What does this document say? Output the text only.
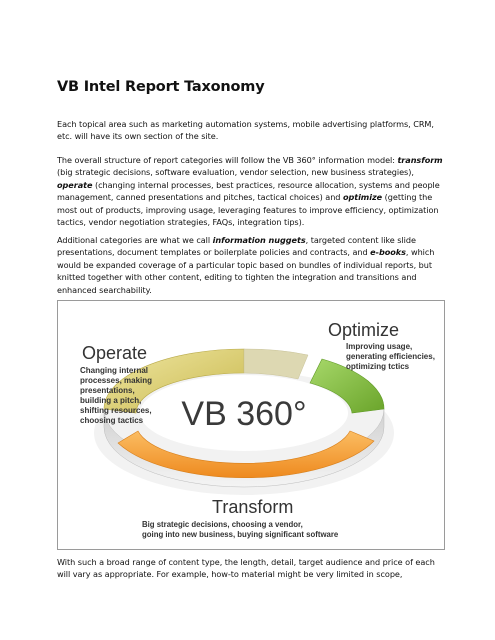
VB Intel Report Taxonomy
Each topical area such as marketing automation systems, mobile advertising platforms, CRM, etc. will have its own section of the site.
The overall structure of report categories will follow the VB 360° information model: transform (big strategic decisions, software evaluation, vendor selection, new business strategies), operate (changing internal processes, best practices, resource allocation, systems and people management, canned presentations and pitches, tactical choices) and optimize (getting the most out of products, improving usage, leveraging features to improve efficiency, optimization tactics, vendor negotiation strategies, FAQs, integration tips).
Additional categories are what we call information nuggets, targeted content like slide presentations, document templates or boilerplate policies and contracts, and e-books, which would be expanded coverage of a particular topic based on bundles of individual reports, but knitted together with other content, editing to tighten the integration and transitions and enhanced searchability.
VB 360°
Operate
Changing internal
processes, making
presentations,
building a pitch,
shifting resources,
choosing tactics
Optimize
Improving usage,
generating efficiencies,
optimizing tctics
Transform
Big strategic decisions, choosing a vendor,
going into new business, buying significant software
With such a broad range of content type, the length, detail, target audience and price of each will vary as appropriate. For example, how-to material might be very limited in scope,
